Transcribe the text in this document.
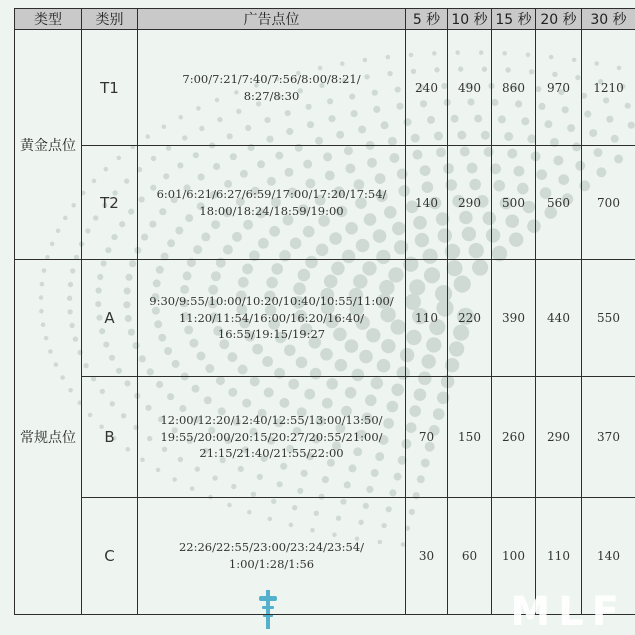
类型	类别	广告点位	5 秒	10 秒	15 秒	20 秒	30 秒
黄金点位	T1	7:00/7:21/7:40/7:56/8:00/8:21/
8:27/8:30	240	490	860	970	1210
	T2	6:01/6:21/6:27/6:59/17:00/17:20/17:54/
18:00/18:24/18:59/19:00	140	290	500	560	700
常规点位	A	9:30/9:55/10:00/10:20/10:40/10:55/11:00/
11:20/11:54/16:00/16:20/16:40/
16:55/19:15/19:27	110	220	390	440	550
	B	12:00/12:20/12:40/12:55/13:00/13:50/
19:55/20:00/20:15/20:27/20:55/21:00/
21:15/21:40/21:55/22:00	70	150	260	290	370
	C	22:26/22:55/23:00/23:24/23:54/
1:00/1:28/1:56	30	60	100	110	140
MLF
